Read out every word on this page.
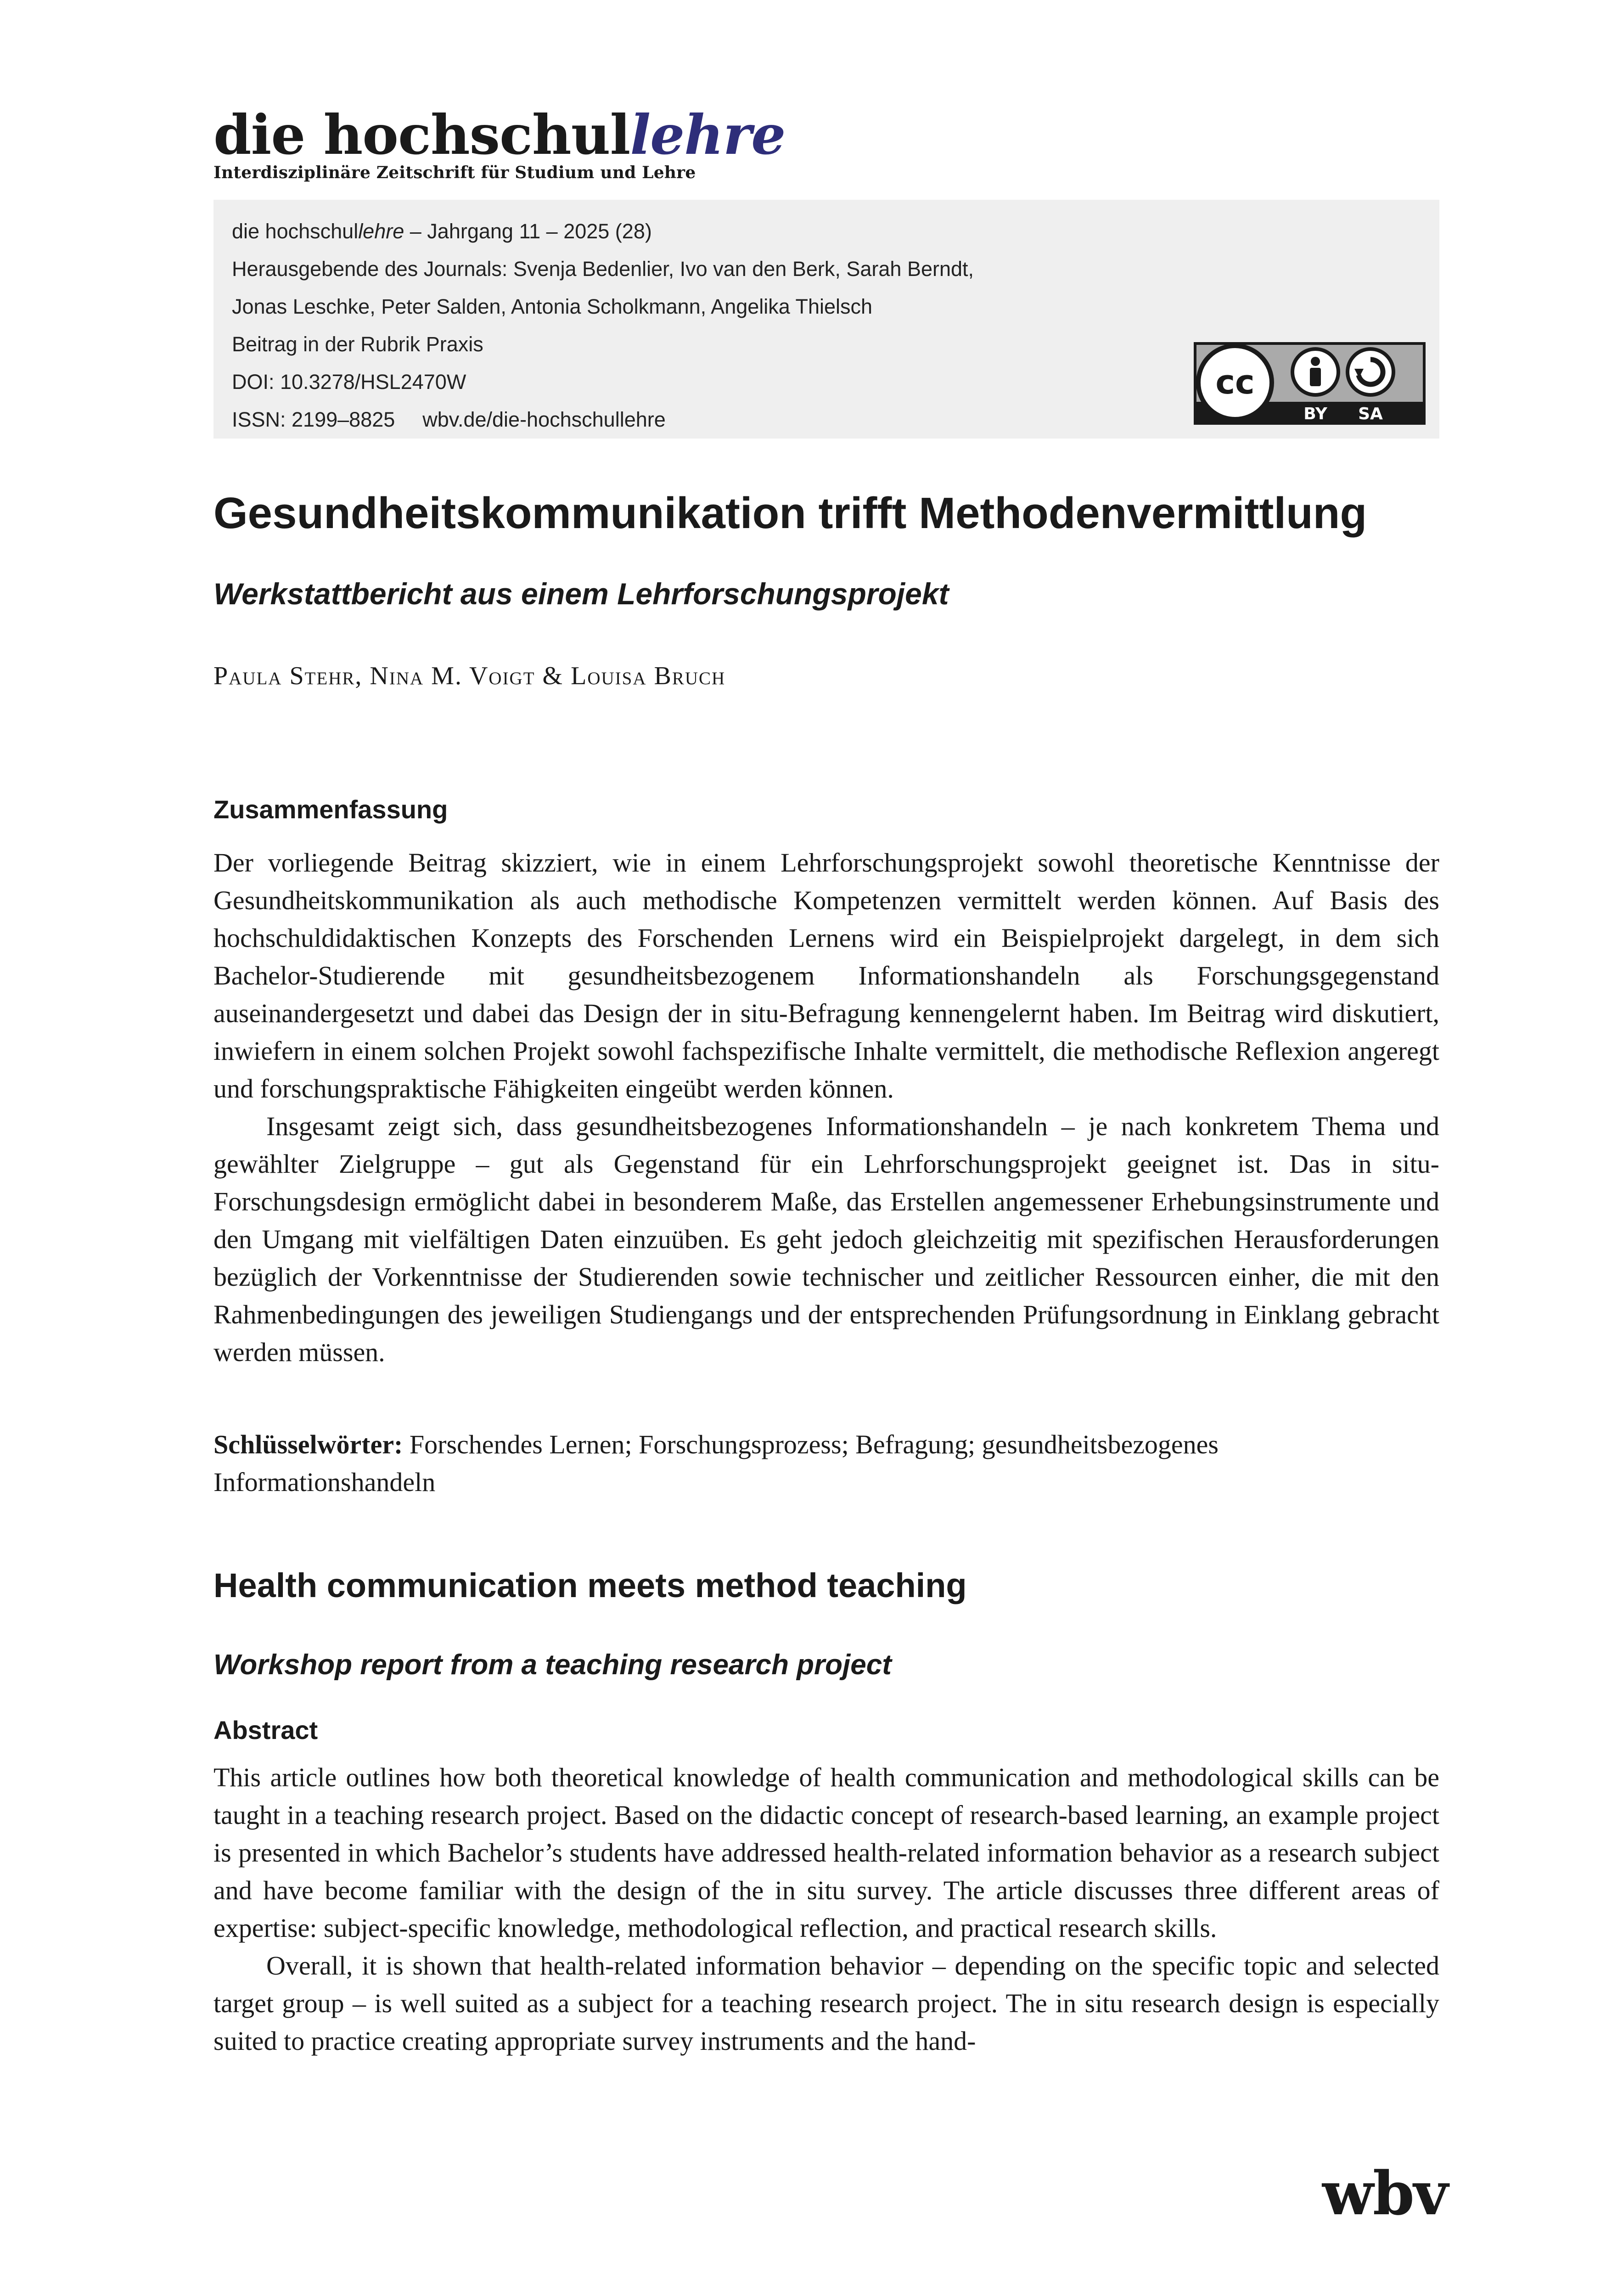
die hochschullehre
Interdisziplinäre Zeitschrift für Studium und Lehre
die hochschullehre – Jahrgang 11 – 2025 (28)
Herausgebende des Journals: Svenja Bedenlier, Ivo van den Berk, Sarah Berndt,
Jonas Leschke, Peter Salden, Antonia Scholkmann, Angelika Thielsch
Beitrag in der Rubrik Praxis
DOI: 10.3278/HSL2470W
ISSN: 2199–8825 wbv.de/die-hochschullehre
cc
BY SA
Gesundheitskommunikation trifft Methodenvermittlung
Werkstattbericht aus einem Lehrforschungsprojekt
Paula Stehr, Nina M. Voigt & Louisa Bruch
Zusammenfassung

Der vorliegende Beitrag skizziert, wie in einem Lehrforschungsprojekt sowohl theoretische Kenntnisse der Gesundheitskommunikation als auch methodische Kompetenzen vermittelt werden können. Auf Basis des hochschuldidaktischen Konzepts des Forschenden Lernens wird ein Beispielprojekt dargelegt, in dem sich Bachelor-Studierende mit gesundheitsbezogenem Informationshandeln als Forschungsgegenstand auseinandergesetzt und dabei das Design der in situ-Befragung kennengelernt haben. Im Beitrag wird diskutiert, inwiefern in einem solchen Projekt sowohl fachspezifische Inhalte vermittelt, die methodische Reflexion angeregt und forschungspraktische Fähigkeiten eingeübt werden können.

Insgesamt zeigt sich, dass gesundheitsbezogenes Informationshandeln – je nach konkretem Thema und gewählter Zielgruppe – gut als Gegenstand für ein Lehrforschungsprojekt geeignet ist. Das in situ-Forschungsdesign ermöglicht dabei in besonderem Maße, das Erstellen angemessener Erhebungsinstrumente und den Umgang mit vielfältigen Daten einzuüben. Es geht jedoch gleichzeitig mit spezifischen Herausforderungen bezüglich der Vorkenntnisse der Studierenden sowie technischer und zeitlicher Ressourcen einher, die mit den Rahmenbedingungen des jeweiligen Studiengangs und der entsprechenden Prüfungsordnung in Einklang gebracht werden müssen.

Schlüsselwörter: Forschendes Lernen; Forschungsprozess; Befragung; gesundheitsbezogenes Informationshandeln
Health communication meets method teaching
Workshop report from a teaching research project
Abstract

This article outlines how both theoretical knowledge of health communication and methodological skills can be taught in a teaching research project. Based on the didactic concept of research-based learning, an example project is presented in which Bachelor’s students have addressed health-related information behavior as a research subject and have become familiar with the design of the in situ survey. The article discusses three different areas of expertise: subject-specific knowledge, methodological reflection, and practical research skills.

Overall, it is shown that health-related information behavior – depending on the specific topic and selected target group – is well suited as a subject for a teaching research project. The in situ research design is especially suited to practice creating appropriate survey instruments and the hand-

wbv
